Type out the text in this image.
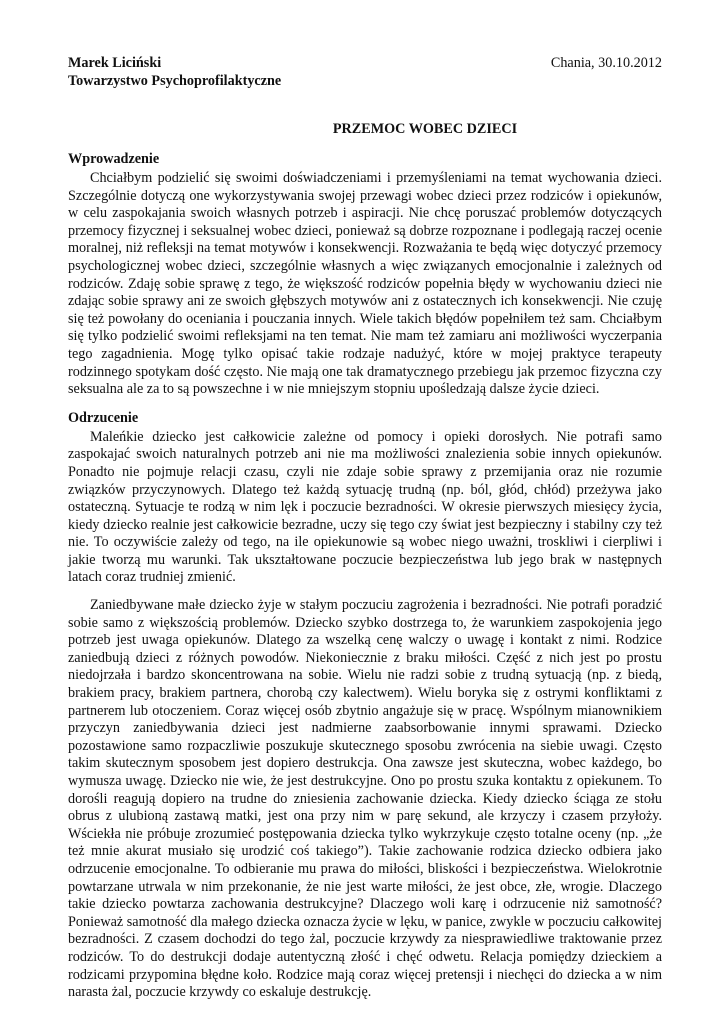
Marek Liciński
Towarzystwo Psychoprofilaktyczne
Chania, 30.10.2012
PRZEMOC WOBEC DZIECI
Wprowadzenie

Chciałbym podzielić się swoimi doświadczeniami i przemyśleniami na temat wychowania dzieci. Szczególnie dotyczą one wykorzystywania swojej przewagi wobec dzieci przez rodziców i opiekunów, w celu zaspokajania swoich własnych potrzeb i aspiracji. Nie chcę poruszać problemów dotyczących przemocy fizycznej i seksualnej wobec dzieci, ponieważ są dobrze rozpoznane i podlegają raczej ocenie moralnej, niż refleksji na temat motywów i konsekwencji. Rozważania te będą więc dotyczyć przemocy psychologicznej wobec dzieci, szczególnie własnych a więc związanych emocjonalnie i zależnych od rodziców. Zdaję sobie sprawę z tego, że większość rodziców popełnia błędy w wychowaniu dzieci nie zdając sobie sprawy ani ze swoich głębszych motywów ani z ostatecznych ich konsekwencji. Nie czuję się też powołany do oceniania i pouczania innych. Wiele takich błędów popełniłem też sam. Chciałbym się tylko podzielić swoimi refleksjami na ten temat. Nie mam też zamiaru ani możliwości wyczerpania tego zagadnienia. Mogę tylko opisać takie rodzaje nadużyć, które w mojej praktyce terapeuty rodzinnego spotykam dość często. Nie mają one tak dramatycznego przebiegu jak przemoc fizyczna czy seksualna ale za to są powszechne i w nie mniejszym stopniu upośledzają dalsze życie dzieci.

Odrzucenie

Maleńkie dziecko jest całkowicie zależne od pomocy i opieki dorosłych. Nie potrafi samo zaspokajać swoich naturalnych potrzeb ani nie ma możliwości znalezienia sobie innych opiekunów. Ponadto nie pojmuje relacji czasu, czyli nie zdaje sobie sprawy z przemijania oraz nie rozumie związków przyczynowych. Dlatego też każdą sytuację trudną (np. ból, głód, chłód) przeżywa jako ostateczną. Sytuacje te rodzą w nim lęk i poczucie bezradności. W okresie pierwszych miesięcy życia, kiedy dziecko realnie jest całkowicie bezradne, uczy się tego czy świat jest bezpieczny i stabilny czy też nie. To oczywiście zależy od tego, na ile opiekunowie są wobec niego uważni, troskliwi i cierpliwi i jakie tworzą mu warunki. Tak ukształtowane poczucie bezpieczeństwa lub jego brak w następnych latach coraz trudniej zmienić.

Zaniedbywane małe dziecko żyje w stałym poczuciu zagrożenia i bezradności. Nie potrafi poradzić sobie samo z większością problemów. Dziecko szybko dostrzega to, że warunkiem zaspokojenia jego potrzeb jest uwaga opiekunów. Dlatego za wszelką cenę walczy o uwagę i kontakt z nimi. Rodzice zaniedbują dzieci z różnych powodów. Niekoniecznie z braku miłości. Część z nich jest po prostu niedojrzała i bardzo skoncentrowana na sobie. Wielu nie radzi sobie z trudną sytuacją (np. z biedą, brakiem pracy, brakiem partnera, chorobą czy kalectwem). Wielu boryka się z ostrymi konfliktami z partnerem lub otoczeniem. Coraz więcej osób zbytnio angażuje się w pracę. Wspólnym mianownikiem przyczyn zaniedbywania dzieci jest nadmierne zaabsorbowanie innymi sprawami. Dziecko pozostawione samo rozpaczliwie poszukuje skutecznego sposobu zwrócenia na siebie uwagi. Często takim skutecznym sposobem jest dopiero destrukcja. Ona zawsze jest skuteczna, wobec każdego, bo wymusza uwagę. Dziecko nie wie, że jest destrukcyjne. Ono po prostu szuka kontaktu z opiekunem. To dorośli reagują dopiero na trudne do zniesienia zachowanie dziecka. Kiedy dziecko ściąga ze stołu obrus z ulubioną zastawą matki, jest ona przy nim w parę sekund, ale krzyczy i czasem przyłoży. Wściekła nie próbuje zrozumieć postępowania dziecka tylko wykrzykuje często totalne oceny (np. „że też mnie akurat musiało się urodzić coś takiego”). Takie zachowanie rodzica dziecko odbiera jako odrzucenie emocjonalne. To odbieranie mu prawa do miłości, bliskości i bezpieczeństwa. Wielokrotnie powtarzane utrwala w nim przekonanie, że nie jest warte miłości, że jest obce, złe, wrogie. Dlaczego takie dziecko powtarza zachowania destrukcyjne? Dlaczego woli karę i odrzucenie niż samotność? Ponieważ samotność dla małego dziecka oznacza życie w lęku, w panice, zwykle w poczuciu całkowitej bezradności. Z czasem dochodzi do tego żal, poczucie krzywdy za niesprawiedliwe traktowanie przez rodziców. To do destrukcji dodaje autentyczną złość i chęć odwetu. Relacja pomiędzy dzieckiem a rodzicami przypomina błędne koło. Rodzice mają coraz więcej pretensji i niechęci do dziecka a w nim narasta żal, poczucie krzywdy co eskaluje destrukcję.
